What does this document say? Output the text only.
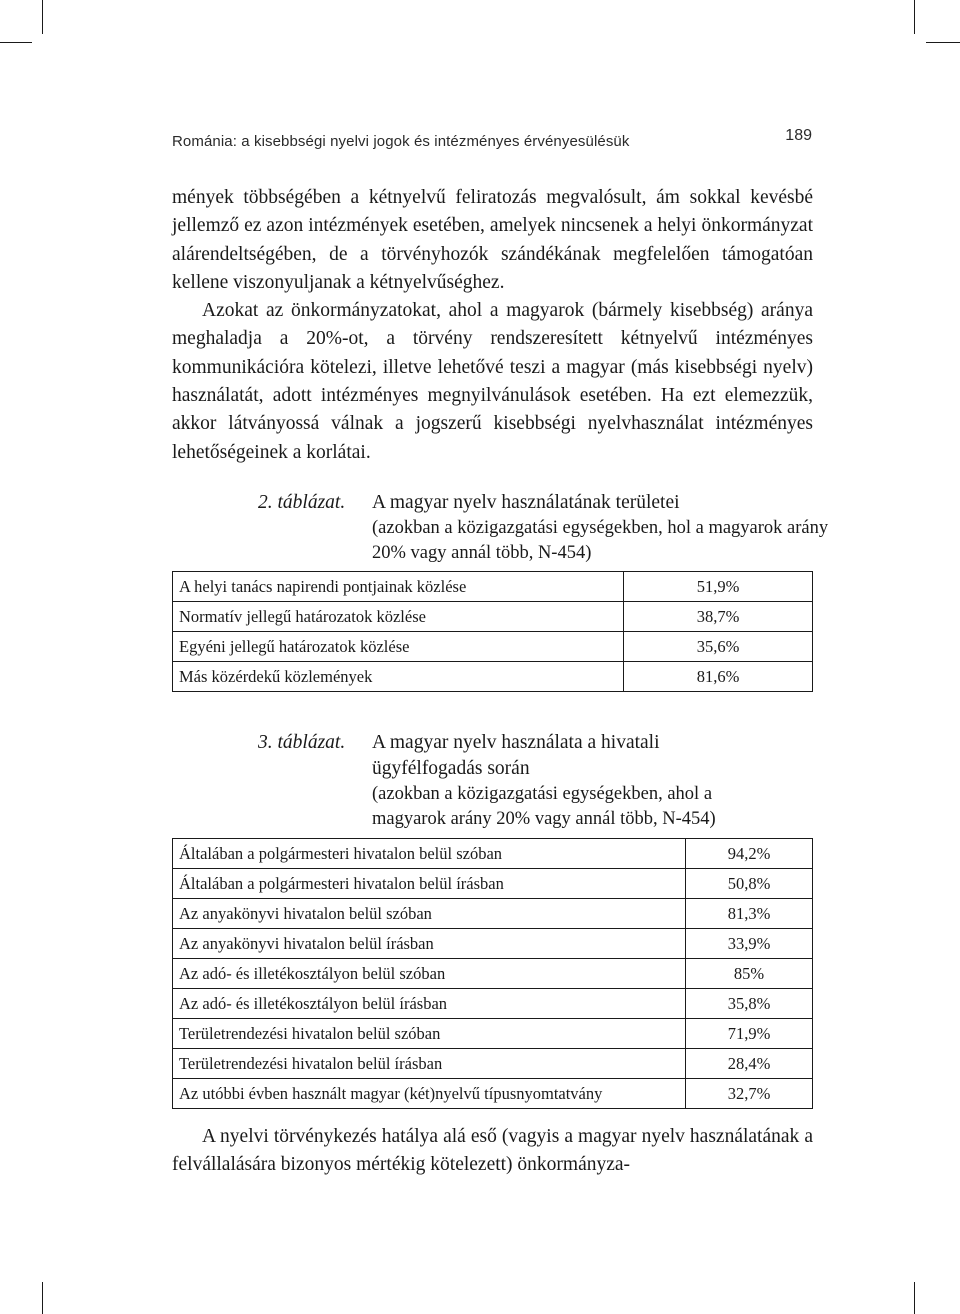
Románia: a kisebbségi nyelvi jogok és intézményes érvényesülésük	189

mények többségében a kétnyelvű feliratozás megvalósult, ám sokkal kevésbé jellemző ez azon intézmények esetében, amelyek nincsenek a helyi önkormányzat alárendeltségében, de a törvényhozók szándékának megfelelően támogatóan kellene viszonyuljanak a kétnyelvűséghez.

Azokat az önkormányzatokat, ahol a magyarok (bármely kisebbség) aránya meghaladja a 20%-ot, a törvény rendszeresített kétnyelvű intézményes kommunikációra kötelezi, illetve lehetővé teszi a magyar (más kisebbségi nyelv) használatát, adott intézményes megnyilvánulások esetében. Ha ezt elemezzük, akkor látványossá válnak a jogszerű kisebbségi nyelvhasználat intézményes lehetőségeinek a korlátai.

2. táblázat.	A magyar nyelv használatának területei
(azokban a közigazgatási egységekben, hol a magyarok arány 20% vagy annál több, N-454)
A helyi tanács napirendi pontjainak közlése	51,9%
Normatív jellegű határozatok közlése	38,7%
Egyéni jellegű határozatok közlése	35,6%
Más közérdekű közlemények	81,6%
3. táblázat.	A magyar nyelv használata a hivatali ügyfélfogadás során
(azokban a közigazgatási egységekben, ahol a magyarok arány 20% vagy annál több, N-454)
Általában a polgármesteri hivatalon belül szóban	94,2%
Általában a polgármesteri hivatalon belül írásban	50,8%
Az anyakönyvi hivatalon belül szóban	81,3%
Az anyakönyvi hivatalon belül írásban	33,9%
Az adó- és illetékosztályon belül szóban	85%
Az adó- és illetékosztályon belül írásban	35,8%
Területrendezési hivatalon belül szóban	71,9%
Területrendezési hivatalon belül írásban	28,4%
Az utóbbi évben használt magyar (két)nyelvű típusnyomtatvány	32,7%

A nyelvi törvénykezés hatálya alá eső (vagyis a magyar nyelv használatának a felvállalására bizonyos mértékig kötelezett) önkormányza-
